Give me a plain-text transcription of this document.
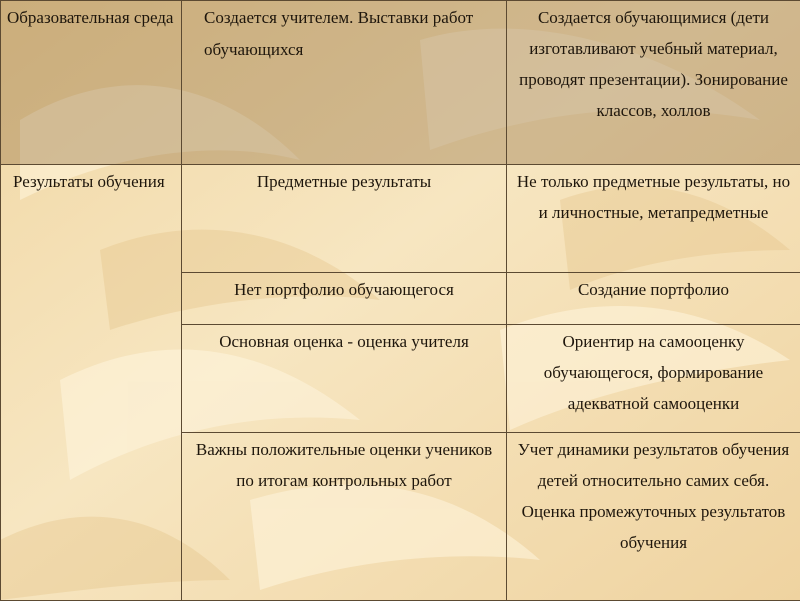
Образовательная среда	Создается учителем. Выставки работ обучающихся	Создается обучающимися (дети изготавливают учебный материал, проводят презентации). Зонирование классов, холлов
Результаты обучения	Предметные результаты	Не только предметные результаты, но и личностные, метапредметные
	Нет портфолио обучающегося	Создание портфолио
	Основная оценка - оценка учителя	Ориентир на самооценку обучающегося, формирование адекватной самооценки
	Важны положительные оценки учеников по итогам контрольных работ	Учет динамики результатов обучения детей относительно самих себя. Оценка промежуточных результатов обучения
